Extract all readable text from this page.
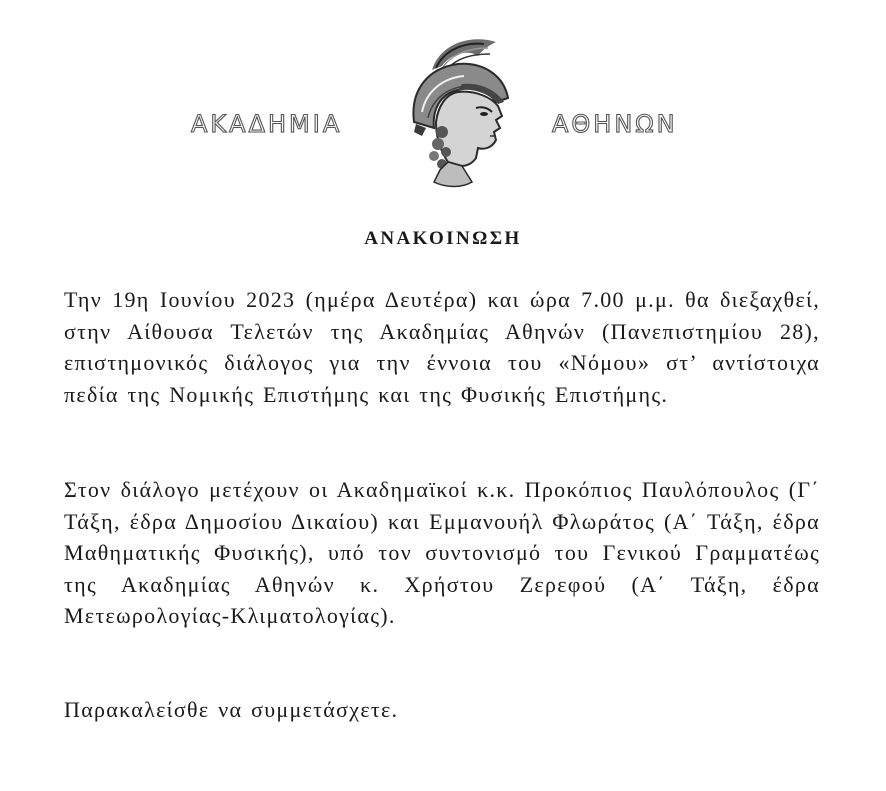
ΑΚΑΔΗΜΙΑ	ΑΘΗΝΩΝ
ΑΝΑΚΟΙΝΩΣΗ
Την 19η Ιουνίου 2023 (ημέρα Δευτέρα) και ώρα 7.00 μ.μ. θα διεξαχθεί, στην Αίθουσα Τελετών της Ακαδημίας Αθηνών (Πανεπιστημίου 28), επιστημονικός διάλογος για την έννοια του «Νόμου» στ’ αντίστοιχα πεδία της Νομικής Επιστήμης και της Φυσικής Επιστήμης.
Στον διάλογο μετέχουν οι Ακαδημαϊκοί κ.κ. Προκόπιος Παυλόπουλος (Γ΄ Τάξη, έδρα Δημοσίου Δικαίου) και Εμμανουήλ Φλωράτος (Α΄ Τάξη, έδρα Μαθηματικής Φυσικής), υπό τον συντονισμό του Γενικού Γραμματέως της Ακαδημίας Αθηνών κ. Χρήστου Ζερεφού (Α΄ Τάξη, έδρα Μετεωρολογίας-Κλιματολογίας).
Παρακαλείσθε να συμμετάσχετε.
